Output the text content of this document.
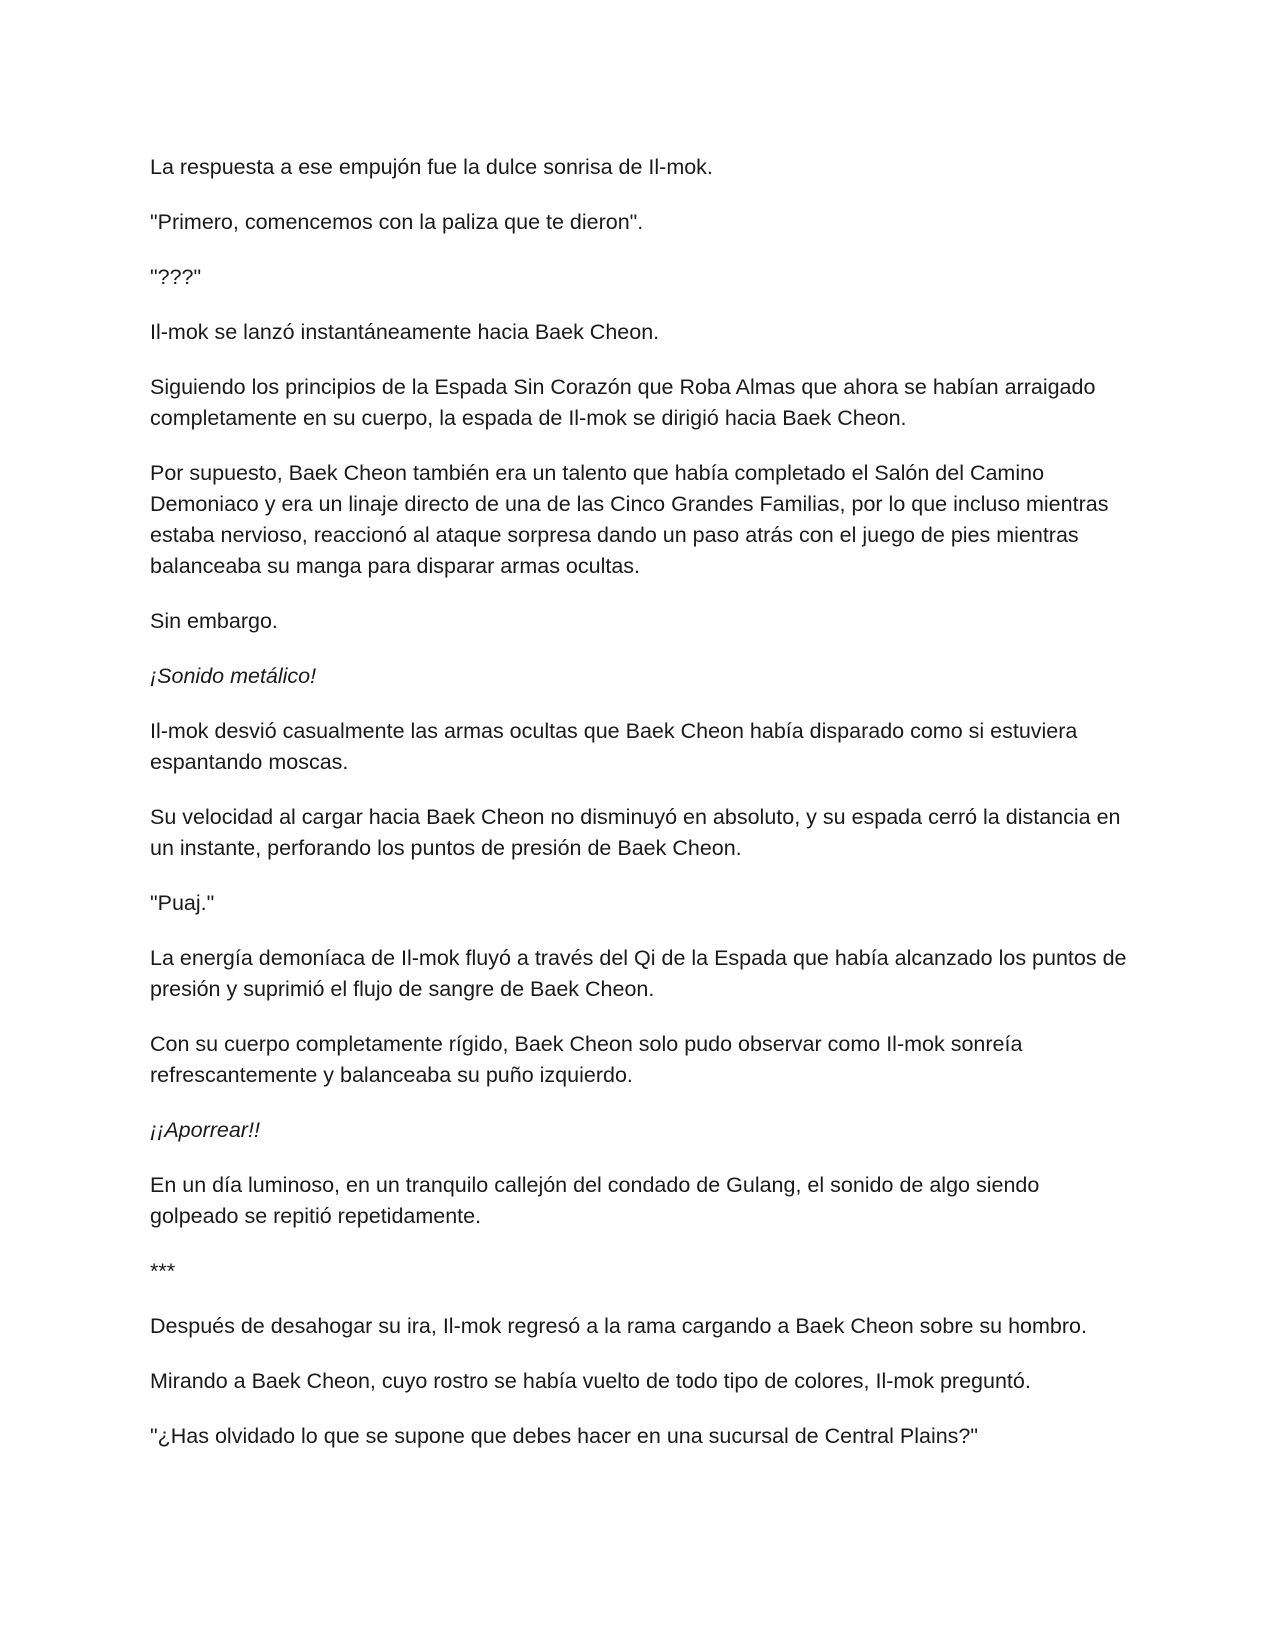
La respuesta a ese empujón fue la dulce sonrisa de Il-mok.

"Primero, comencemos con la paliza que te dieron".

"???"

Il-mok se lanzó instantáneamente hacia Baek Cheon.

Siguiendo los principios de la Espada Sin Corazón que Roba Almas que ahora se habían arraigado completamente en su cuerpo, la espada de Il-mok se dirigió hacia Baek Cheon.

Por supuesto, Baek Cheon también era un talento que había completado el Salón del Camino Demoniaco y era un linaje directo de una de las Cinco Grandes Familias, por lo que incluso mientras estaba nervioso, reaccionó al ataque sorpresa dando un paso atrás con el juego de pies mientras balanceaba su manga para disparar armas ocultas.

Sin embargo.

¡Sonido metálico!

Il-mok desvió casualmente las armas ocultas que Baek Cheon había disparado como si estuviera espantando moscas.

Su velocidad al cargar hacia Baek Cheon no disminuyó en absoluto, y su espada cerró la distancia en un instante, perforando los puntos de presión de Baek Cheon.

"Puaj."

La energía demoníaca de Il-mok fluyó a través del Qi de la Espada que había alcanzado los puntos de presión y suprimió el flujo de sangre de Baek Cheon.

Con su cuerpo completamente rígido, Baek Cheon solo pudo observar como Il-mok sonreía refrescantemente y balanceaba su puño izquierdo.

¡¡Aporrear!!

En un día luminoso, en un tranquilo callejón del condado de Gulang, el sonido de algo siendo golpeado se repitió repetidamente.

***

Después de desahogar su ira, Il-mok regresó a la rama cargando a Baek Cheon sobre su hombro.

Mirando a Baek Cheon, cuyo rostro se había vuelto de todo tipo de colores, Il-mok preguntó.

"¿Has olvidado lo que se supone que debes hacer en una sucursal de Central Plains?"
